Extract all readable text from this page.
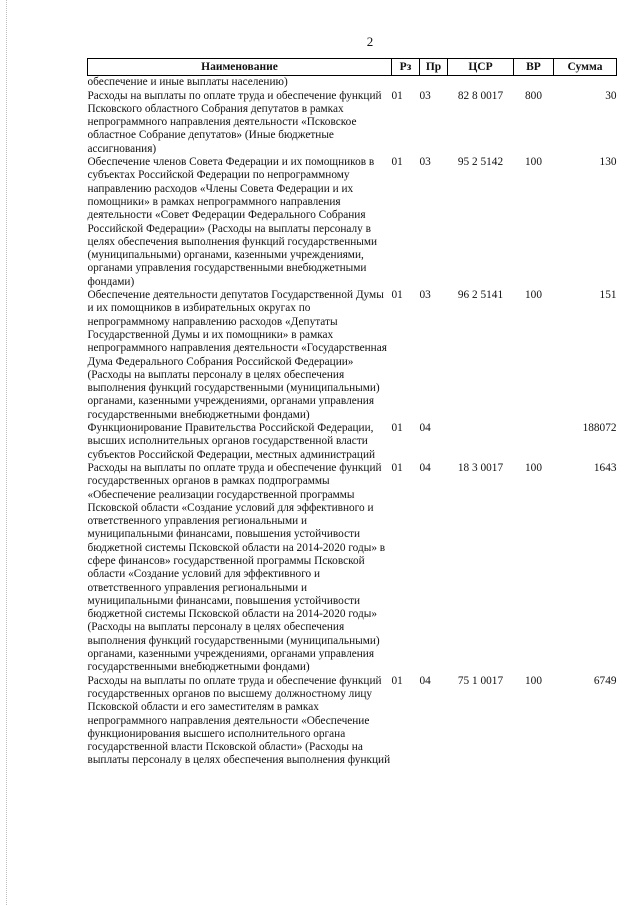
2
Наименование	Рз	Пр	ЦСР	ВР	Сумма
обеспечение и иные выплаты населению)					
Расходы на выплаты по оплате труда и обеспечение функций Псковского областного Собрания депутатов в рамках непрограммного направления деятельности «Псковское областное Собрание депутатов» (Иные бюджетные ассигнования)	01	03	82 8 0017	800	30
Обеспечение членов Совета Федерации и их помощников в субъектах Российской Федерации по непрограммному направлению расходов «Члены Совета Федерации и их помощники» в рамках непрограммного направления деятельности «Совет Федерации Федерального Собрания Российской Федерации» (Расходы на выплаты персоналу в целях обеспечения выполнения функций государственными (муниципальными) органами, казенными учреждениями, органами управления государственными внебюджетными фондами)	01	03	95 2 5142	100	130
Обеспечение деятельности депутатов Государственной Думы и их помощников в избирательных округах по непрограммному направлению расходов «Депутаты Государственной Думы и их помощники» в рамках непрограммного направления деятельности «Государственная Дума Федерального Собрания Российской Федерации» (Расходы на выплаты персоналу в целях обеспечения выполнения функций государственными (муниципальными) органами, казенными учреждениями, органами управления государственными внебюджетными фондами)	01	03	96 2 5141	100	151
Функционирование Правительства Российской Федерации, высших исполнительных органов государственной власти субъектов Российской Федерации, местных администраций	01	04			188072
Расходы на выплаты по оплате труда и обеспечение функций государственных органов в рамках подпрограммы «Обеспечение реализации государственной программы Псковской области «Создание условий для эффективного и ответственного управления региональными и муниципальными финансами, повышения устойчивости бюджетной системы Псковской области на 2014-2020 годы» в сфере финансов» государственной программы Псковской области «Создание условий для эффективного и ответственного управления региональными и муниципальными финансами, повышения устойчивости бюджетной системы Псковской области на 2014-2020 годы» (Расходы на выплаты персоналу в целях обеспечения выполнения функций государственными (муниципальными) органами, казенными учреждениями, органами управления государственными внебюджетными фондами)	01	04	18 3 0017	100	1643
Расходы на выплаты по оплате труда и обеспечение функций государственных органов по высшему должностному лицу Псковской области и его заместителям в рамках непрограммного направления деятельности «Обеспечение функционирования высшего исполнительного органа государственной власти Псковской области» (Расходы на выплаты персоналу в целях обеспечения выполнения функций	01	04	75 1 0017	100	6749
